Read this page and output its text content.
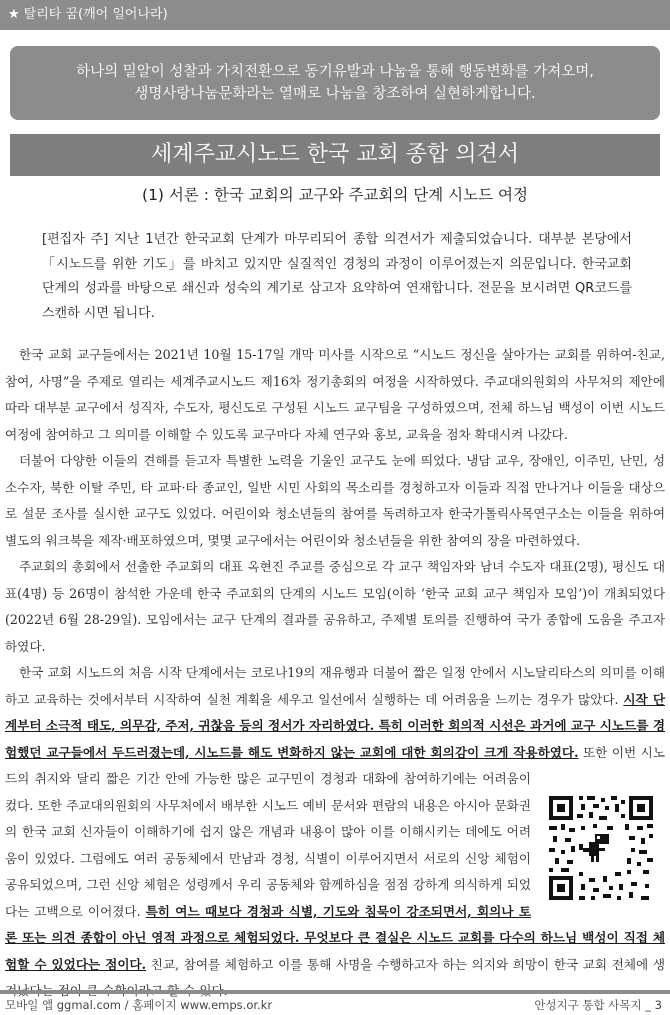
★ 탈리타 꿈(깨어 일어나라)
하나의 밀알이 성찰과 가치전환으로 동기유발과 나눔을 통해 행동변화를 가져오며,
생명사랑나눔문화라는 열매로 나눔을 창조하여 실현하게합니다.
세계주교시노드 한국 교회 종합 의견서
(1) 서론 : 한국 교회의 교구와 주교회의 단계 시노드 여정
[편집자 주] 지난 1년간 한국교회 단계가 마무리되어 종합 의견서가 제출되었습니다. 대부분 본당에서 「시노드를 위한 기도」를 바치고 있지만 실질적인 경청의 과정이 이루어졌는지 의문입니다. 한국교회 단계의 성과를 바탕으로 쇄신과 성숙의 계기로 삼고자 요약하여 연재합니다. 전문을 보시려면 QR코드를 스캔하 시면 됩니다.

한국 교회 교구들에서는 2021년 10월 15-17일 개막 미사를 시작으로 “시노드 정신을 살아가는 교회를 위하여-친교, 참여, 사명”을 주제로 열리는 세계주교시노드 제16차 정기총회의 여정을 시작하였다. 주교대의원회의 사무처의 제안에 따라 대부분 교구에서 성직자, 수도자, 평신도로 구성된 시노드 교구팀을 구성하였으며, 전체 하느님 백성이 이번 시노드 여정에 참여하고 그 의미를 이해할 수 있도록 교구마다 자체 연구와 홍보, 교육을 점차 확대시켜 나갔다.

더불어 다양한 이들의 견해를 듣고자 특별한 노력을 기울인 교구도 눈에 띄었다. 냉담 교우, 장애인, 이주민, 난민, 성 소수자, 북한 이탈 주민, 타 교파·타 종교인, 일반 시민 사회의 목소리를 경청하고자 이들과 직접 만나거나 이들을 대상으로 설문 조사를 실시한 교구도 있었다. 어린이와 청소년들의 참여를 독려하고자 한국가톨릭사목연구소는 이들을 위하여 별도의 워크북을 제작·배포하였으며, 몇몇 교구에서는 어린이와 청소년들을 위한 참여의 장을 마련하였다.

주교회의 총회에서 선출한 주교회의 대표 옥현진 주교를 중심으로 각 교구 책임자와 남녀 수도자 대표(2명), 평신도 대표(4명) 등 26명이 참석한 가운데 한국 주교회의 단계의 시노드 모임(이하 ‘한국 교회 교구 책임자 모임’)이 개최되었다(2022년 6월 28-29일). 모임에서는 교구 단계의 결과를 공유하고, 주제별 토의를 진행하여 국가 종합에 도움을 주고자 하였다.

한국 교회 시노드의 처음 시작 단계에서는 코로나19의 재유행과 더불어 짧은 일정 안에서 시노달리타스의 의미를 이해하고 교육하는 것에서부터 시작하여 실천 계획을 세우고 일선에서 실행하는 데 어려움을 느끼는 경우가 많았다. 시작 단계부터 소극적 태도, 의무감, 주저, 귀찮음 등의 정서가 자리하였다. 특히 이러한 회의적 시선은 과거에 교구 시노드를 경험했던 교구들에서 두드러졌는데, 시노드를 해도 변화하지 않는 교회에 대한 회의감이 크게 작용하였다. 또한 이번 시노드의 취지와 달리 짧은 기간 안에 가능한 많은 교구민이 경청과 대화에 참여하기에는 어려움이 컸다. 또한 주교대의원회의 사무처에서 배부한 시노드 예비 문서와 편람의 내용은 아시아 문화권의 한국 교회 신자들이 이해하기에 쉽지 않은 개념과 내용이 많아 이를 이해시키는 데에도 어려움이 있었다. 그럼에도 여러 공동체에서 만남과 경청, 식별이 이루어지면서 서로의 신앙 체험이 공유되었으며, 그런 신앙 체험은 성령께서 우리 공동체와 함께하심을 점점 강하게 의식하게 되었다는 고백으로 이어졌다. 특히 여느 때보다 경청과 식별, 기도와 침묵이 강조되면서, 회의나 토론 또는 의견 종합이 아닌 영적 과정으로 체험되었다. 무엇보다 큰 결실은 시노드 교회를 다수의 하느님 백성이 직접 체험할 수 있었다는 점이다. 친교, 참여를 체험하고 이를 통해 사명을 수행하고자 하는 의지와 희망이 한국 교회 전체에 생

모바일 앱 ggmal.com / 홈페이지 www.emps.or.kr	안성지구 통합 사목지 _ 3
